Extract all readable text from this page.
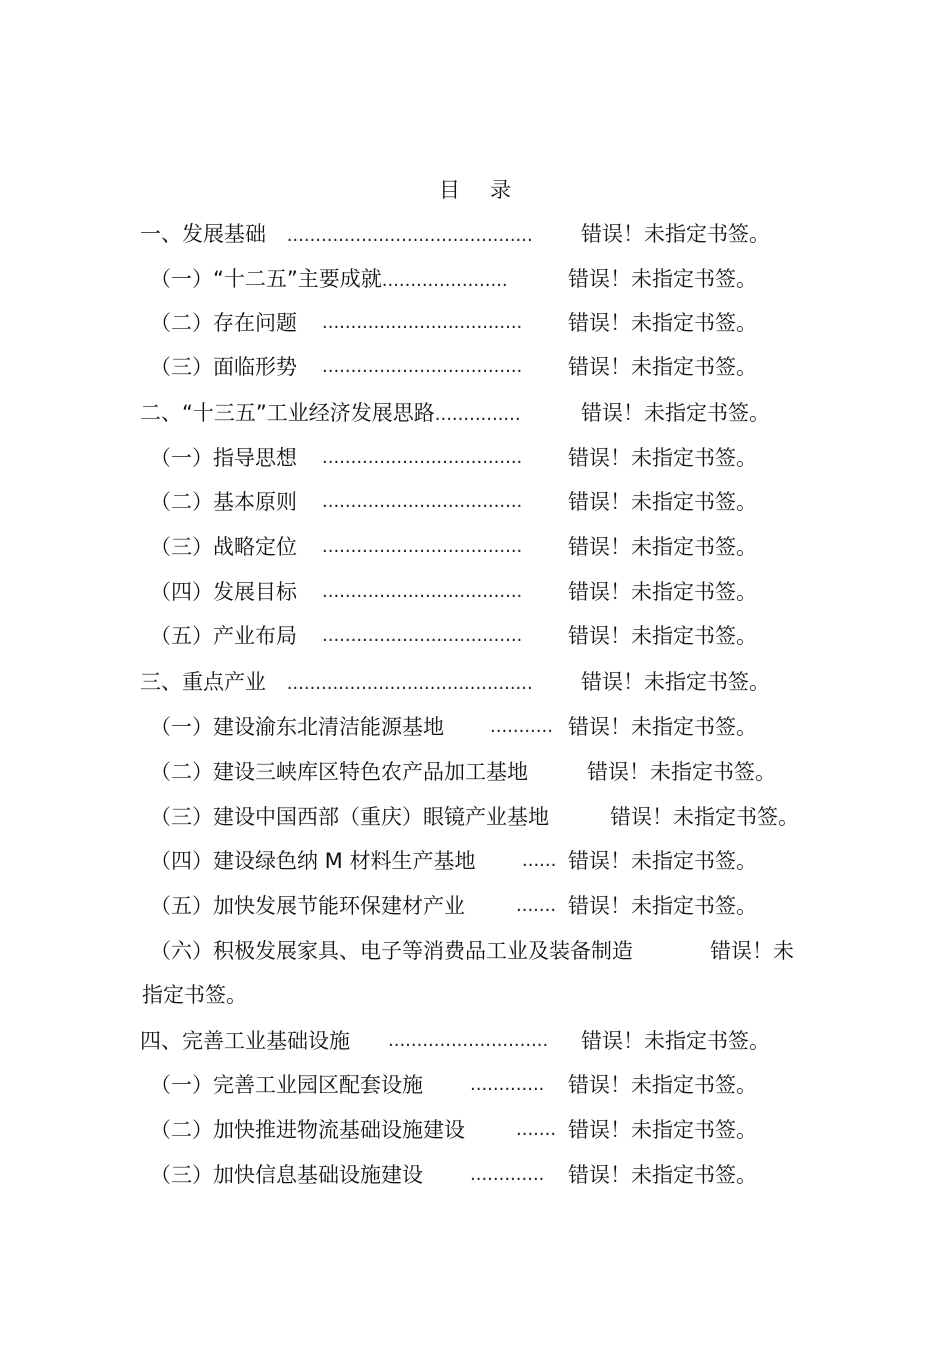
目 录
一、发展基础 ........................................... 错误！未指定书签。
（一）“十二五”主要成就......................	错误！未指定书签。
（二）存在问题 ................................... 错误！未指定书签。
（三）面临形势 ................................... 错误！未指定书签。
二、“十三五”工业经济发展思路...............	错误！未指定书签。
（一）指导思想 ................................... 错误！未指定书签。
（二）基本原则 ................................... 错误！未指定书签。
（三）战略定位 ................................... 错误！未指定书签。
（四）发展目标 ................................... 错误！未指定书签。
（五）产业布局 ................................... 错误！未指定书签。
三、重点产业 ........................................... 错误！未指定书签。
（一）建设渝东北清洁能源基地	........... 错误！未指定书签。
（二）建设三峡库区特色农产品加工基地	错误！未指定书签。
（三）建设中国西部（重庆）眼镜产业基地	错误！未指定书签。
（四）建设绿色纳 M 材料生产基地	...... 错误！未指定书签。
（五）加快发展节能环保建材产业	....... 错误！未指定书签。
（六）积极发展家具、电子等消费品工业及装备制造	错误！未
指定书签。
四、完善工业基础设施 ............................ 错误！未指定书签。
（一）完善工业园区配套设施	............. 错误！未指定书签。
（二）加快推进物流基础设施建设	....... 错误！未指定书签。
（三）加快信息基础设施建设	............. 错误！未指定书签。
